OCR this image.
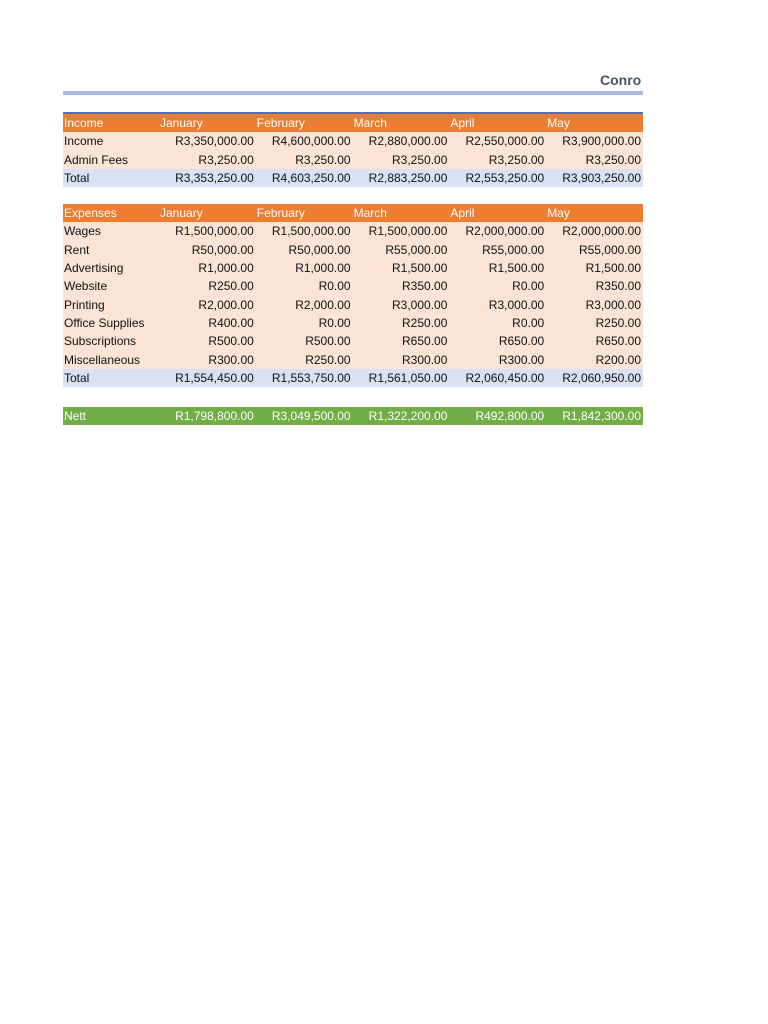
Conro
Income	January	February	March	April	May
Income	R3,350,000.00	R4,600,000.00	R2,880,000.00	R2,550,000.00	R3,900,000.00
Admin Fees	R3,250.00	R3,250.00	R3,250.00	R3,250.00	R3,250.00
Total	R3,353,250.00	R4,603,250.00	R2,883,250.00	R2,553,250.00	R3,903,250.00
Expenses	January	February	March	April	May
Wages	R1,500,000.00	R1,500,000.00	R1,500,000.00	R2,000,000.00	R2,000,000.00
Rent	R50,000.00	R50,000.00	R55,000.00	R55,000.00	R55,000.00
Advertising	R1,000.00	R1,000.00	R1,500.00	R1,500.00	R1,500.00
Website	R250.00	R0.00	R350.00	R0.00	R350.00
Printing	R2,000.00	R2,000.00	R3,000.00	R3,000.00	R3,000.00
Office Supplies	R400.00	R0.00	R250.00	R0.00	R250.00
Subscriptions	R500.00	R500.00	R650.00	R650.00	R650.00
Miscellaneous	R300.00	R250.00	R300.00	R300.00	R200.00
Total	R1,554,450.00	R1,553,750.00	R1,561,050.00	R2,060,450.00	R2,060,950.00
Nett	R1,798,800.00	R3,049,500.00	R1,322,200.00	R492,800.00	R1,842,300.00
